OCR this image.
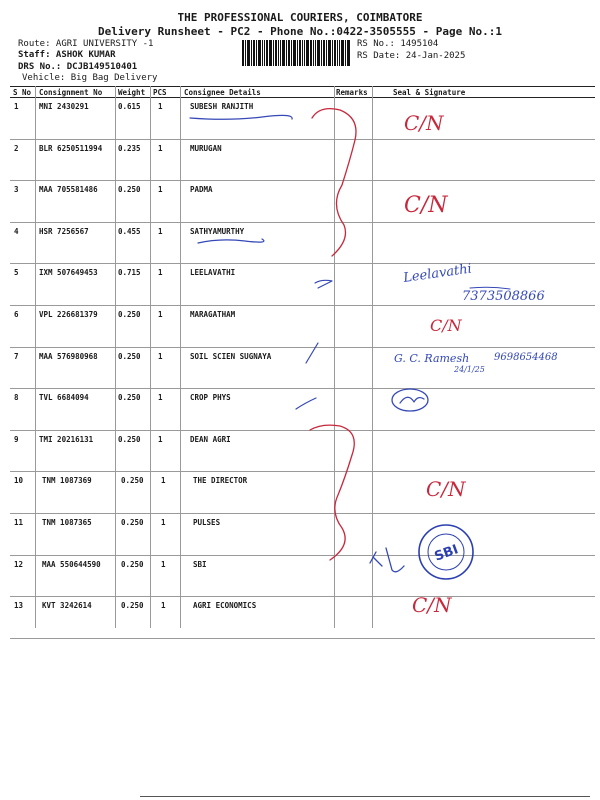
THE PROFESSIONAL COURIERS, COIMBATORE
Delivery Runsheet - PC2 - Phone No.:0422-3505555 - Page No.:1
Route: AGRI UNIVERSITY -1
Staff: ASHOK KUMAR
DRS No.: DCJB149510401
Vehicle: Big Bag Delivery
RS No.: 1495104
RS Date: 24-Jan-2025
S No Consignment No Weight PCS Consignee Details	Remarks	Seal & Signature
1	MNI 2430291	0.615 1	SUBESH RANJITH
2	BLR 6250511994 0.235 1	MURUGAN
3	MAA 705581486	0.250 1	PADMA
4	HSR 7256567	0.455 1	SATHYAMURTHY
5	IXM 507649453	0.715 1	LEELAVATHI
6	VPL 226681379	0.250 1	MARAGATHAM
7	MAA 576980968	0.250 1	SOIL SCIEN SUGNAYA
8	TVL 6684094	0.250 1	CROP PHYS
9	TMI 20216131	0.250 1	DEAN AGRI
10	TNM 1087369	0.250 1	THE DIRECTOR
11	TNM 1087365	0.250 1	PULSES
12	MAA 550644590	0.250 1	SBI
13	KVT 3242614	0.250 1	AGRI ECONOMICS
C/N
C/N
C/N
C/N
C/N
Leelavathi
7373508866
G. C. Ramesh
24/1/25
9698654468
SBI
